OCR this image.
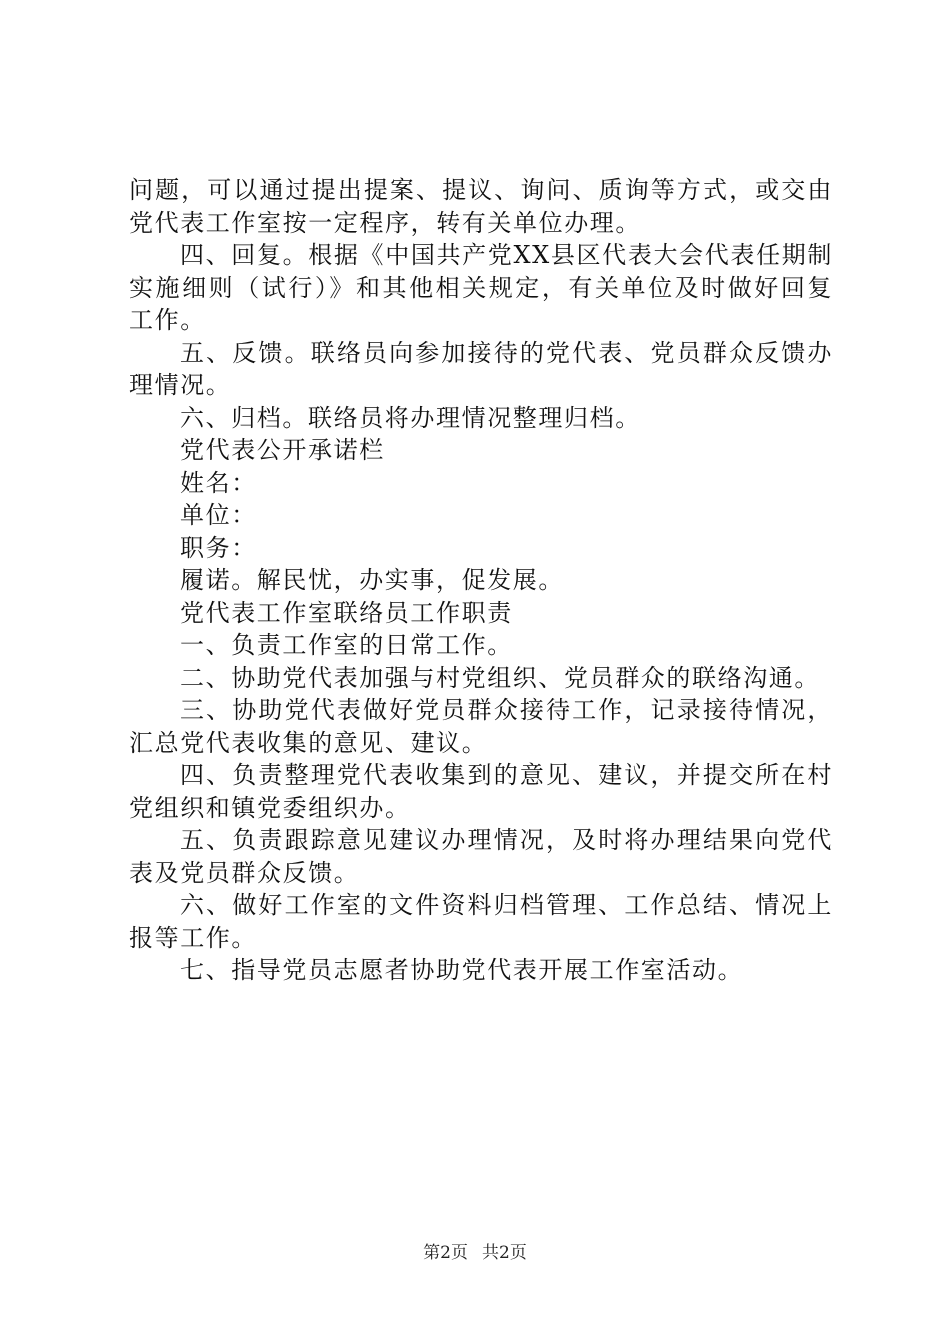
问题，可以通过提出提案、提议、询问、质询等方式，或交由党代表工作室按一定程序，转有关单位办理。

四、回复。根据《中国共产党XX县区代表大会代表任期制实施细则（试行）》和其他相关规定，有关单位及时做好回复工作。

五、反馈。联络员向参加接待的党代表、党员群众反馈办理情况。

六、归档。联络员将办理情况整理归档。

党代表公开承诺栏

姓名：

单位：

职务：

履诺。解民忧，办实事，促发展。

党代表工作室联络员工作职责

一、负责工作室的日常工作。

二、协助党代表加强与村党组织、党员群众的联络沟通。

三、协助党代表做好党员群众接待工作，记录接待情况，汇总党代表收集的意见、建议。

四、负责整理党代表收集到的意见、建议，并提交所在村党组织和镇党委组织办。

五、负责跟踪意见建议办理情况，及时将办理结果向党代表及党员群众反馈。

六、做好工作室的文件资料归档管理、工作总结、情况上报等工作。

七、指导党员志愿者协助党代表开展工作室活动。

第2页 共2页
